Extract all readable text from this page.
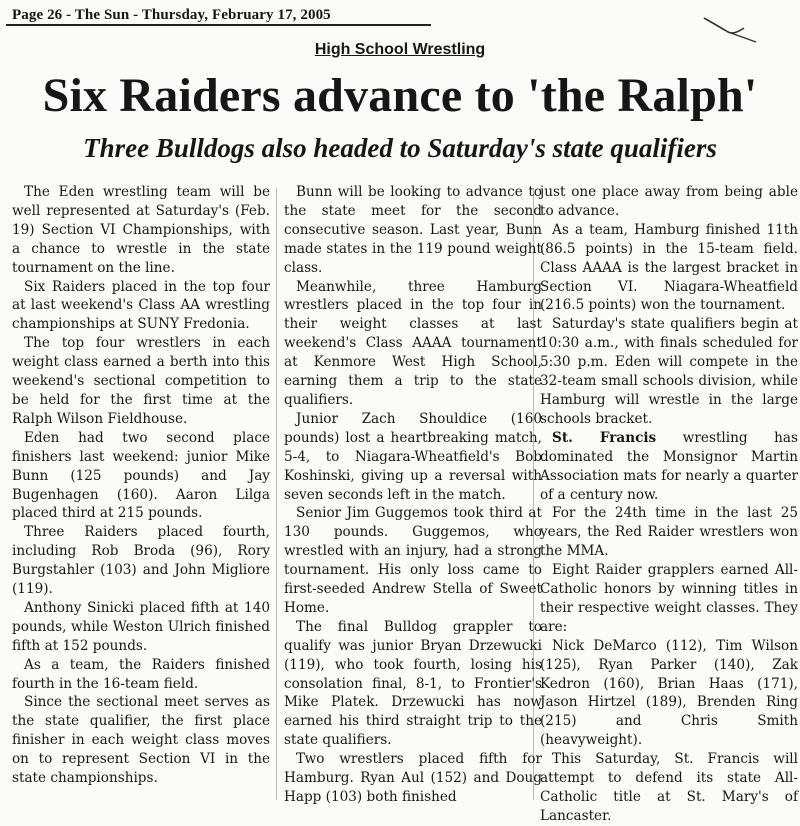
Page 26 - The Sun - Thursday, February 17, 2005
High School Wrestling
Six Raiders advance to 'the Ralph'
Three Bulldogs also headed to Saturday's state qualifiers

The Eden wrestling team will be well represented at Saturday's (Feb. 19) Section VI Championships, with a chance to wrestle in the state tournament on the line.

Six Raiders placed in the top four at last weekend's Class AA wrestling championships at SUNY Fredonia.

The top four wrestlers in each weight class earned a berth into this weekend's sectional competition to be held for the first time at the Ralph Wilson Fieldhouse.

Eden had two second place finishers last weekend: junior Mike Bunn (125 pounds) and Jay Bugenhagen (160). Aaron Lilga placed third at 215 pounds.

Three Raiders placed fourth, including Rob Broda (96), Rory Burgstahler (103) and John Migliore (119).

Anthony Sinicki placed fifth at 140 pounds, while Weston Ulrich finished fifth at 152 pounds.

As a team, the Raiders finished fourth in the 16-team field.

Since the sectional meet serves as the state qualifier, the first place finisher in each weight class moves on to represent Section VI in the state championships.

Bunn will be looking to advance to the state meet for the second consecutive season. Last year, Bunn made states in the 119 pound weight class.

Meanwhile, three Hamburg wrestlers placed in the top four in their weight classes at last weekend's Class AAAA tournament at Kenmore West High School, earning them a trip to the state qualifiers.

Junior Zach Shouldice (160 pounds) lost a heartbreaking match, 5-4, to Niagara-Wheatfield's Bob Koshinski, giving up a reversal with seven seconds left in the match.

Senior Jim Guggemos took third at 130 pounds. Guggemos, who wrestled with an injury, had a strong tournament. His only loss came to first-seeded Andrew Stella of Sweet Home.

The final Bulldog grappler to qualify was junior Bryan Drzewucki (119), who took fourth, losing his consolation final, 8-1, to Frontier's Mike Platek. Drzewucki has now earned his third straight trip to the state qualifiers.

Two wrestlers placed fifth for Hamburg. Ryan Aul (152) and Doug Happ (103) both finished

just one place away from being able to advance.

As a team, Hamburg finished 11th (86.5 points) in the 15-team field. Class AAAA is the largest bracket in Section VI. Niagara-Wheatfield (216.5 points) won the tournament.

Saturday's state qualifiers begin at 10:30 a.m., with finals scheduled for 5:30 p.m. Eden will compete in the 32-team small schools division, while Hamburg will wrestle in the large schools bracket.

St. Francis wrestling has dominated the Monsignor Martin Association mats for nearly a quarter of a century now.

For the 24th time in the last 25 years, the Red Raider wrestlers won the MMA.

Eight Raider grapplers earned All-Catholic honors by winning titles in their respective weight classes. They are:

Nick DeMarco (112), Tim Wilson (125), Ryan Parker (140), Zak Kedron (160), Brian Haas (171), Jason Hirtzel (189), Brenden Ring (215) and Chris Smith (heavyweight).

This Saturday, St. Francis will attempt to defend its state All-Catholic title at St. Mary's of Lancaster.
